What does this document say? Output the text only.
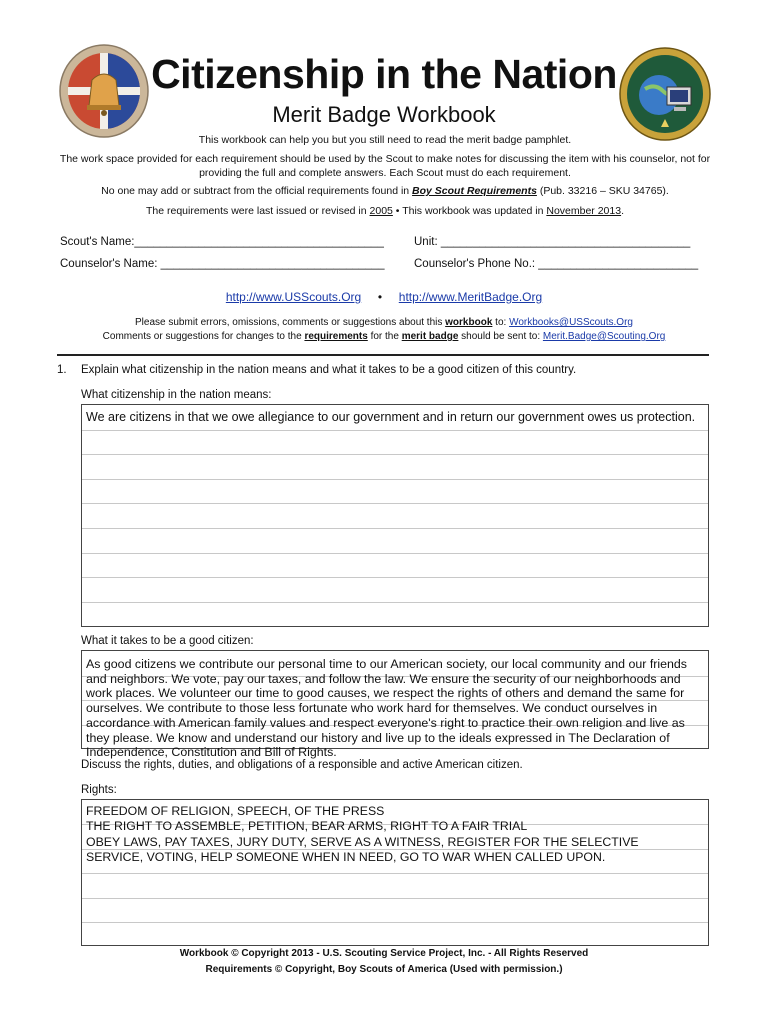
Citizenship in the Nation
Merit Badge Workbook
This workbook can help you but you still need to read the merit badge pamphlet.
The work space provided for each requirement should be used by the Scout to make notes for discussing the item with his counselor, not for
providing the full and complete answers. Each Scout must do each requirement.
No one may add or subtract from the official requirements found in Boy Scout Requirements (Pub. 33216 – SKU 34765).
The requirements were last issued or revised in 2005 • This workbook was updated in November 2013.
Scout's Name:_______________________________________	Unit: _______________________________________
Counselor's Name: ___________________________________	Counselor's Phone No.: _________________________
http://www.USScouts.Org • http://www.MeritBadge.Org
Please submit errors, omissions, comments or suggestions about this workbook to: Workbooks@USScouts.Org
Comments or suggestions for changes to the requirements for the merit badge should be sent to: Merit.Badge@Scouting.Org
1. Explain what citizenship in the nation means and what it takes to be a good citizen of this country.
What citizenship in the nation means:
We are citizens in that we owe allegiance to our government and in return our government owes us protection.
What it takes to be a good citizen:
As good citizens we contribute our personal time to our American society, our local community and our friends and neighbors. We vote, pay our taxes, and follow the law. We ensure the security of our neighborhoods and work places. We volunteer our time to good causes, we respect the rights of others and demand the same for ourselves. We contribute to those less fortunate who work hard for themselves. We conduct ourselves in accordance with American family values and respect everyone's right to practice their own religion and live as they please. We know and understand our history and live up to the ideals expressed in The Declaration of Independence, Constitution and Bill of Rights.
Discuss the rights, duties, and obligations of a responsible and active American citizen.
Rights:
FREEDOM OF RELIGION, SPEECH, OF THE PRESS
THE RIGHT TO ASSEMBLE, PETITION, BEAR ARMS, RIGHT TO A FAIR TRIAL
OBEY LAWS, PAY TAXES, JURY DUTY, SERVE AS A WITNESS, REGISTER FOR THE SELECTIVE
SERVICE, VOTING, HELP SOMEONE WHEN IN NEED, GO TO WAR WHEN CALLED UPON.
Workbook © Copyright 2013 - U.S. Scouting Service Project, Inc. - All Rights Reserved
Requirements © Copyright, Boy Scouts of America (Used with permission.)
